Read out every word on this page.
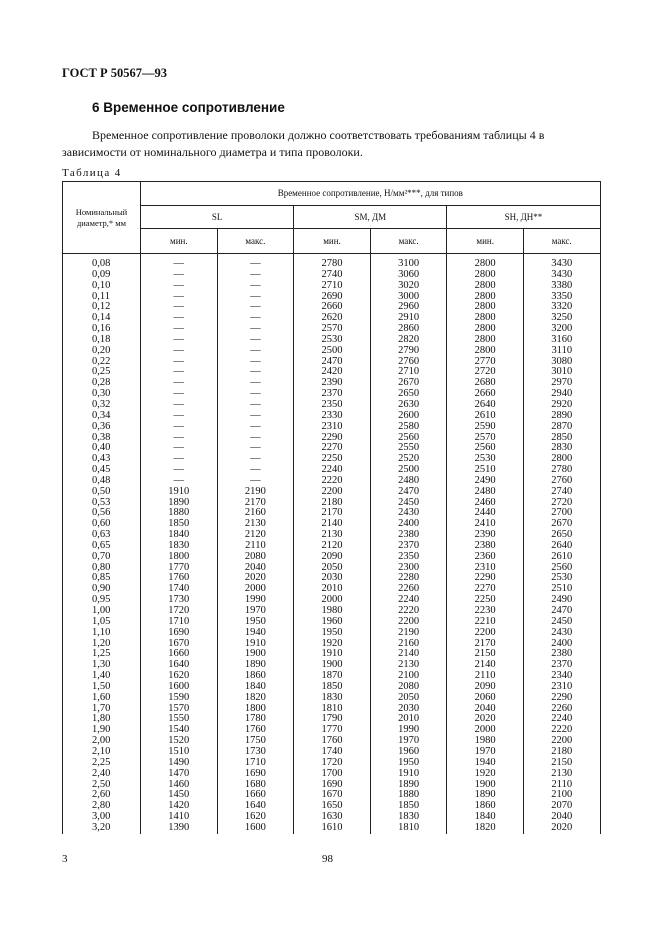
ГОСТ Р 50567—93
6 Временное сопротивление
Временное сопротивление проволоки должно соответствовать требованиям таблицы 4 в зависимости от номинального диаметра и типа проволоки.
Таблица 4
Номинальный диаметр,* мм	Временное сопротивление, Н/мм²***, для типов					
	SL		SM, ДМ		SH, ДН**	
	мин.	макс.	мин.	макс.	мин.	макс.
0,08	—	—	2780	3100	2800	3430
0,09	—	—	2740	3060	2800	3430
0,10	—	—	2710	3020	2800	3380
0,11	—	—	2690	3000	2800	3350
0,12	—	—	2660	2960	2800	3320
0,14	—	—	2620	2910	2800	3250
0,16	—	—	2570	2860	2800	3200
0,18	—	—	2530	2820	2800	3160
0,20	—	—	2500	2790	2800	3110
0,22	—	—	2470	2760	2770	3080
0,25	—	—	2420	2710	2720	3010
0,28	—	—	2390	2670	2680	2970
0,30	—	—	2370	2650	2660	2940
0,32	—	—	2350	2630	2640	2920
0,34	—	—	2330	2600	2610	2890
0,36	—	—	2310	2580	2590	2870
0,38	—	—	2290	2560	2570	2850
0,40	—	—	2270	2550	2560	2830
0,43	—	—	2250	2520	2530	2800
0,45	—	—	2240	2500	2510	2780
0,48	—	—	2220	2480	2490	2760
0,50	1910	2190	2200	2470	2480	2740
0,53	1890	2170	2180	2450	2460	2720
0,56	1880	2160	2170	2430	2440	2700
0,60	1850	2130	2140	2400	2410	2670
0,63	1840	2120	2130	2380	2390	2650
0,65	1830	2110	2120	2370	2380	2640
0,70	1800	2080	2090	2350	2360	2610
0,80	1770	2040	2050	2300	2310	2560
0,85	1760	2020	2030	2280	2290	2530
0,90	1740	2000	2010	2260	2270	2510
0,95	1730	1990	2000	2240	2250	2490
1,00	1720	1970	1980	2220	2230	2470
1,05	1710	1950	1960	2200	2210	2450
1,10	1690	1940	1950	2190	2200	2430
1,20	1670	1910	1920	2160	2170	2400
1,25	1660	1900	1910	2140	2150	2380
1,30	1640	1890	1900	2130	2140	2370
1,40	1620	1860	1870	2100	2110	2340
1,50	1600	1840	1850	2080	2090	2310
1,60	1590	1820	1830	2050	2060	2290
1,70	1570	1800	1810	2030	2040	2260
1,80	1550	1780	1790	2010	2020	2240
1,90	1540	1760	1770	1990	2000	2220
2,00	1520	1750	1760	1970	1980	2200
2,10	1510	1730	1740	1960	1970	2180
2,25	1490	1710	1720	1950	1940	2150
2,40	1470	1690	1700	1910	1920	2130
2,50	1460	1680	1690	1890	1900	2110
2,60	1450	1660	1670	1880	1890	2100
2,80	1420	1640	1650	1850	1860	2070
3,00	1410	1620	1630	1830	1840	2040
3,20	1390	1600	1610	1810	1820	2020
3	98
